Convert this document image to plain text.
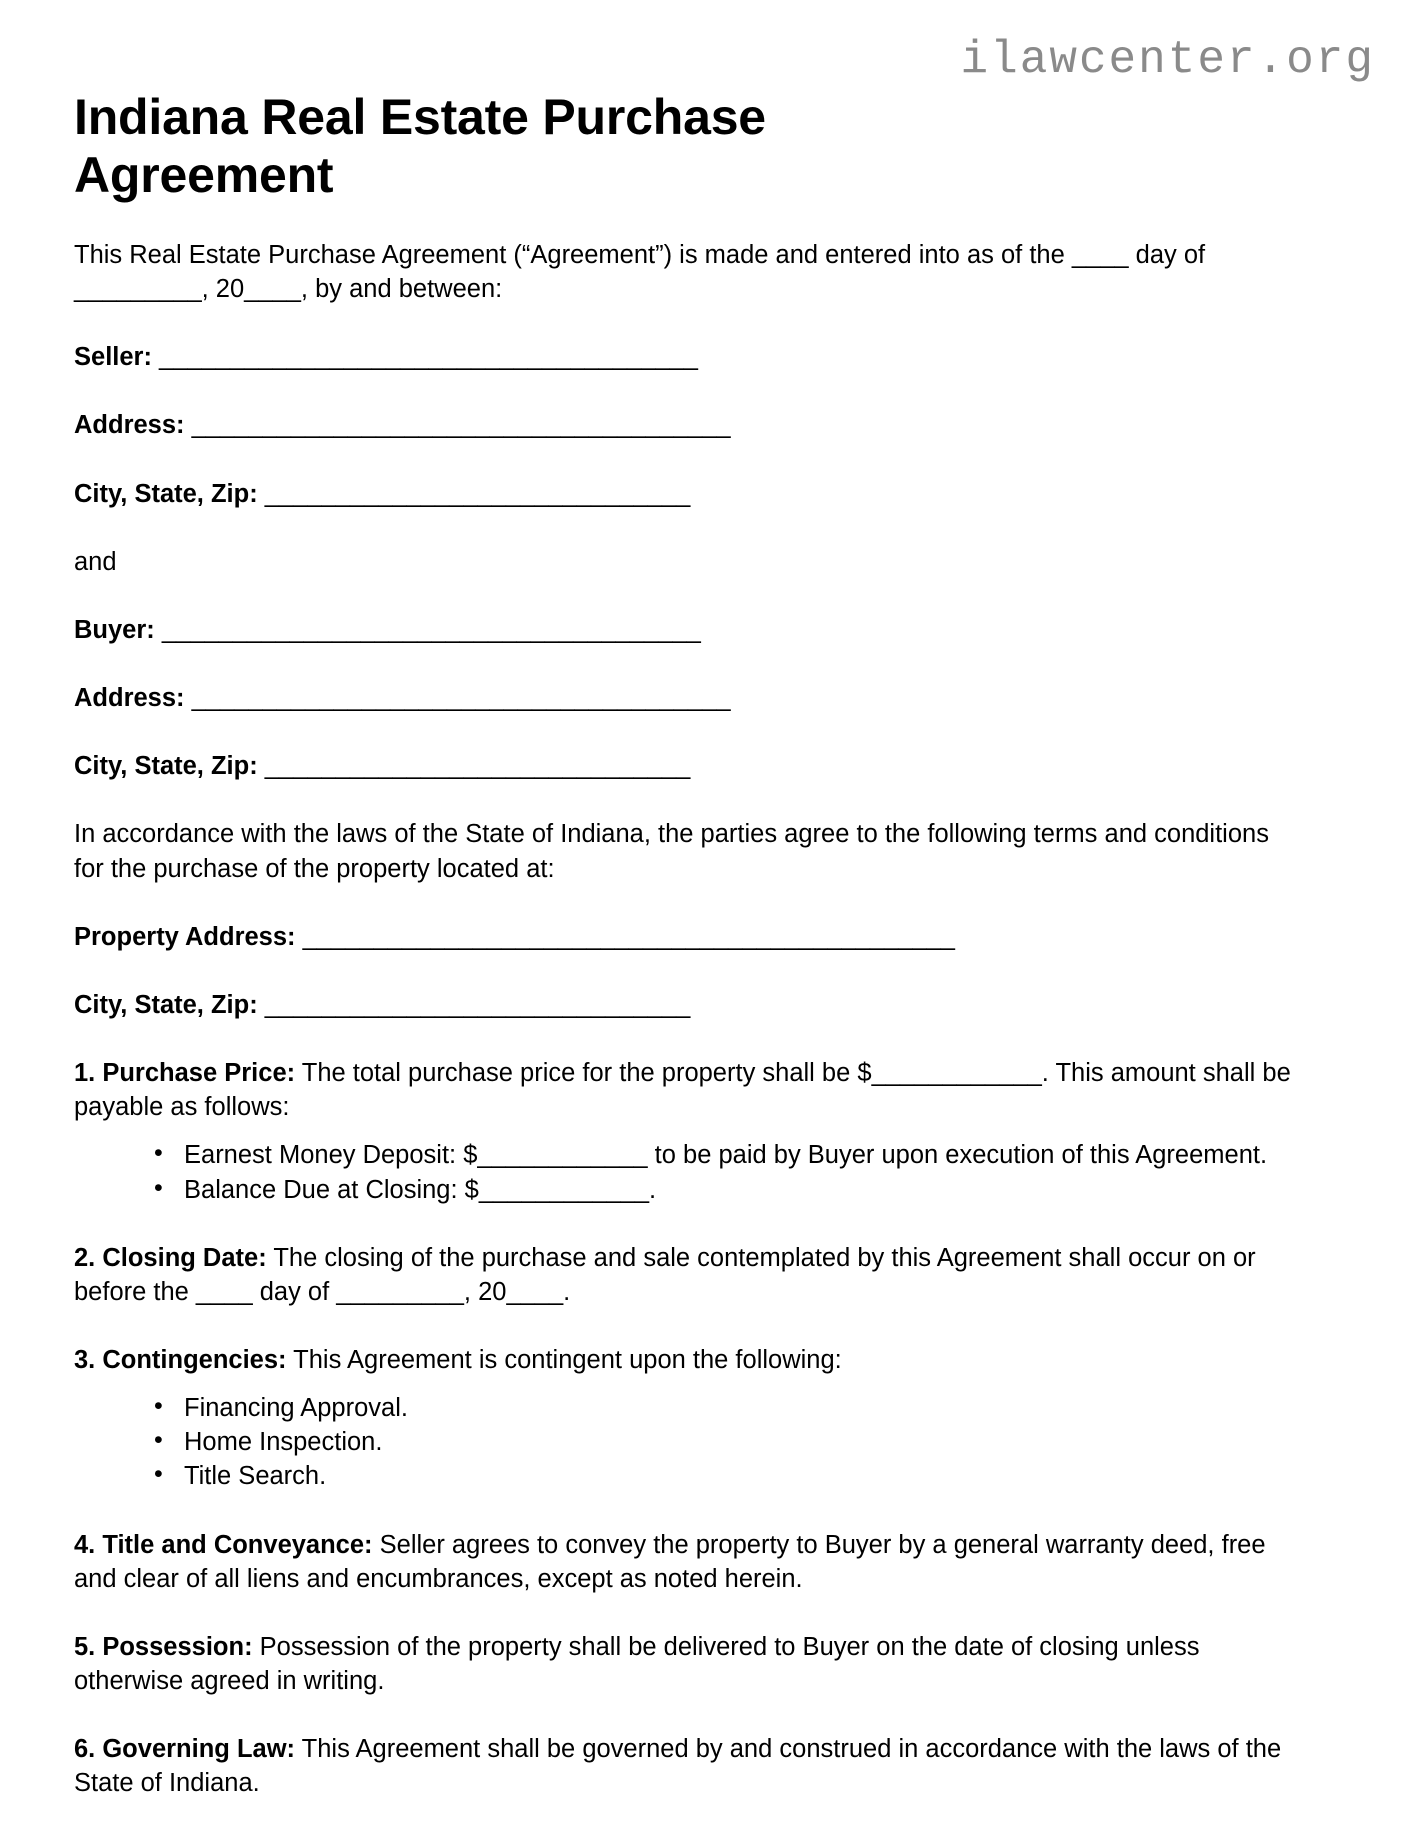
ilawcenter.org
Indiana Real Estate Purchase Agreement

This Real Estate Purchase Agreement (“Agreement”) is made and entered into as of the ____ day of _________, 20____, by and between:

Seller: ______________________________________

Address: ______________________________________

City, State, Zip: ______________________________

and

Buyer: ______________________________________

Address: ______________________________________

City, State, Zip: ______________________________

In accordance with the laws of the State of Indiana, the parties agree to the following terms and conditions for the purchase of the property located at:

Property Address: ______________________________________________

City, State, Zip: ______________________________

1. Purchase Price: The total purchase price for the property shall be $____________. This amount shall be payable as follows:

• Earnest Money Deposit: $____________ to be paid by Buyer upon execution of this Agreement.
• Balance Due at Closing: $____________.

2. Closing Date: The closing of the purchase and sale contemplated by this Agreement shall occur on or before the ____ day of _________, 20____.

3. Contingencies: This Agreement is contingent upon the following:

• Financing Approval.
• Home Inspection.
• Title Search.

4. Title and Conveyance: Seller agrees to convey the property to Buyer by a general warranty deed, free and clear of all liens and encumbrances, except as noted herein.

5. Possession: Possession of the property shall be delivered to Buyer on the date of closing unless otherwise agreed in writing.

6. Governing Law: This Agreement shall be governed by and construed in accordance with the laws of the State of Indiana.
